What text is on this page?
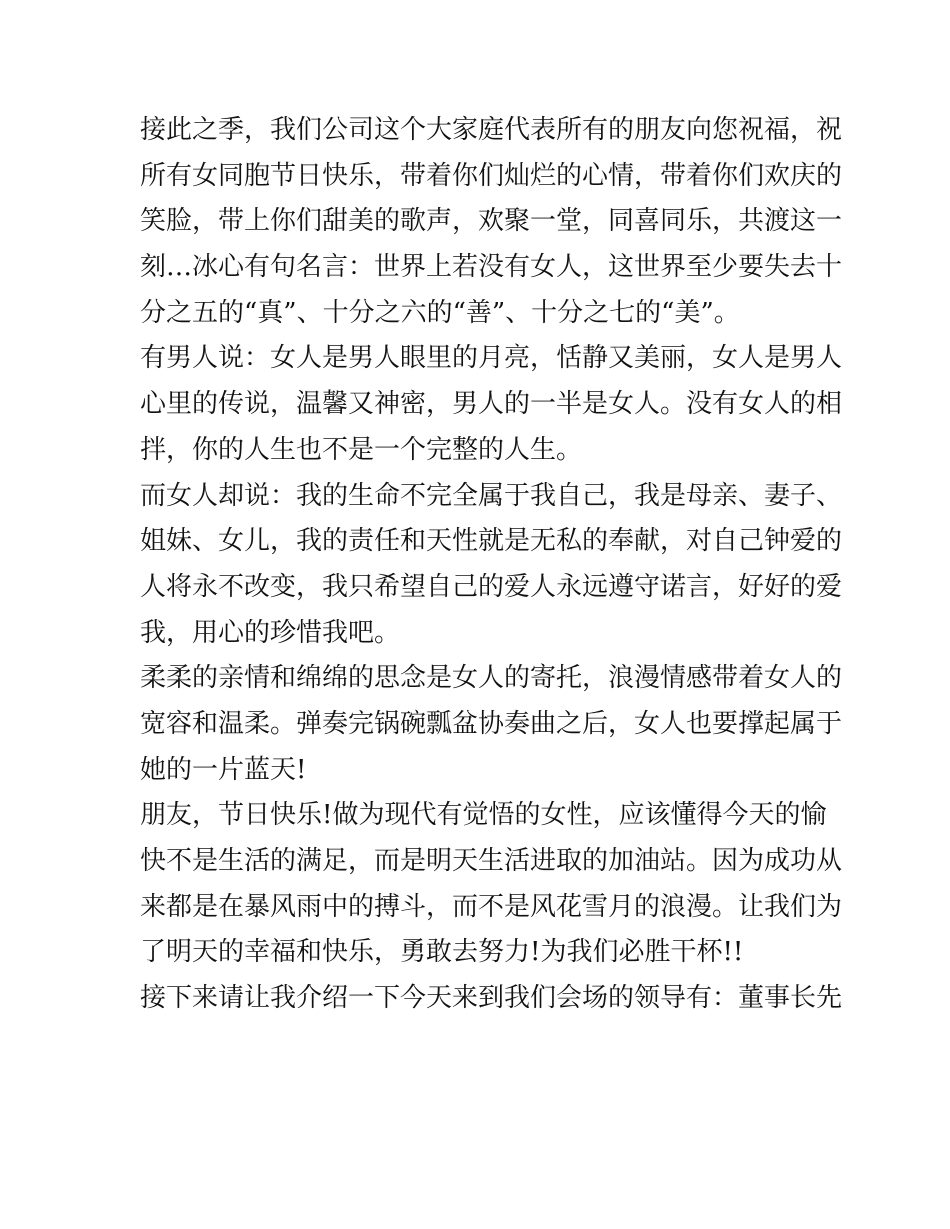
接此之季，我们公司这个大家庭代表所有的朋友向您祝福，祝
所有女同胞节日快乐，带着你们灿烂的心情，带着你们欢庆的
笑脸，带上你们甜美的歌声，欢聚一堂，同喜同乐，共渡这一
刻…冰心有句名言：世界上若没有女人，这世界至少要失去十
分之五的“真”、十分之六的“善”、十分之七的“美”。
有男人说：女人是男人眼里的月亮，恬静又美丽，女人是男人
心里的传说，温馨又神密，男人的一半是女人。没有女人的相
拌，你的人生也不是一个完整的人生。
而女人却说：我的生命不完全属于我自己，我是母亲、妻子、
姐妹、女儿，我的责任和天性就是无私的奉献，对自己钟爱的
人将永不改变，我只希望自己的爱人永远遵守诺言，好好的爱
我，用心的珍惜我吧。
柔柔的亲情和绵绵的思念是女人的寄托，浪漫情感带着女人的
宽容和温柔。弹奏完锅碗瓢盆协奏曲之后，女人也要撑起属于
她的一片蓝天!
朋友，节日快乐!做为现代有觉悟的女性，应该懂得今天的愉
快不是生活的满足，而是明天生活进取的加油站。因为成功从
来都是在暴风雨中的搏斗，而不是风花雪月的浪漫。让我们为
了明天的幸福和快乐，勇敢去努力!为我们必胜干杯!!
接下来请让我介绍一下今天来到我们会场的领导有：董事长先
